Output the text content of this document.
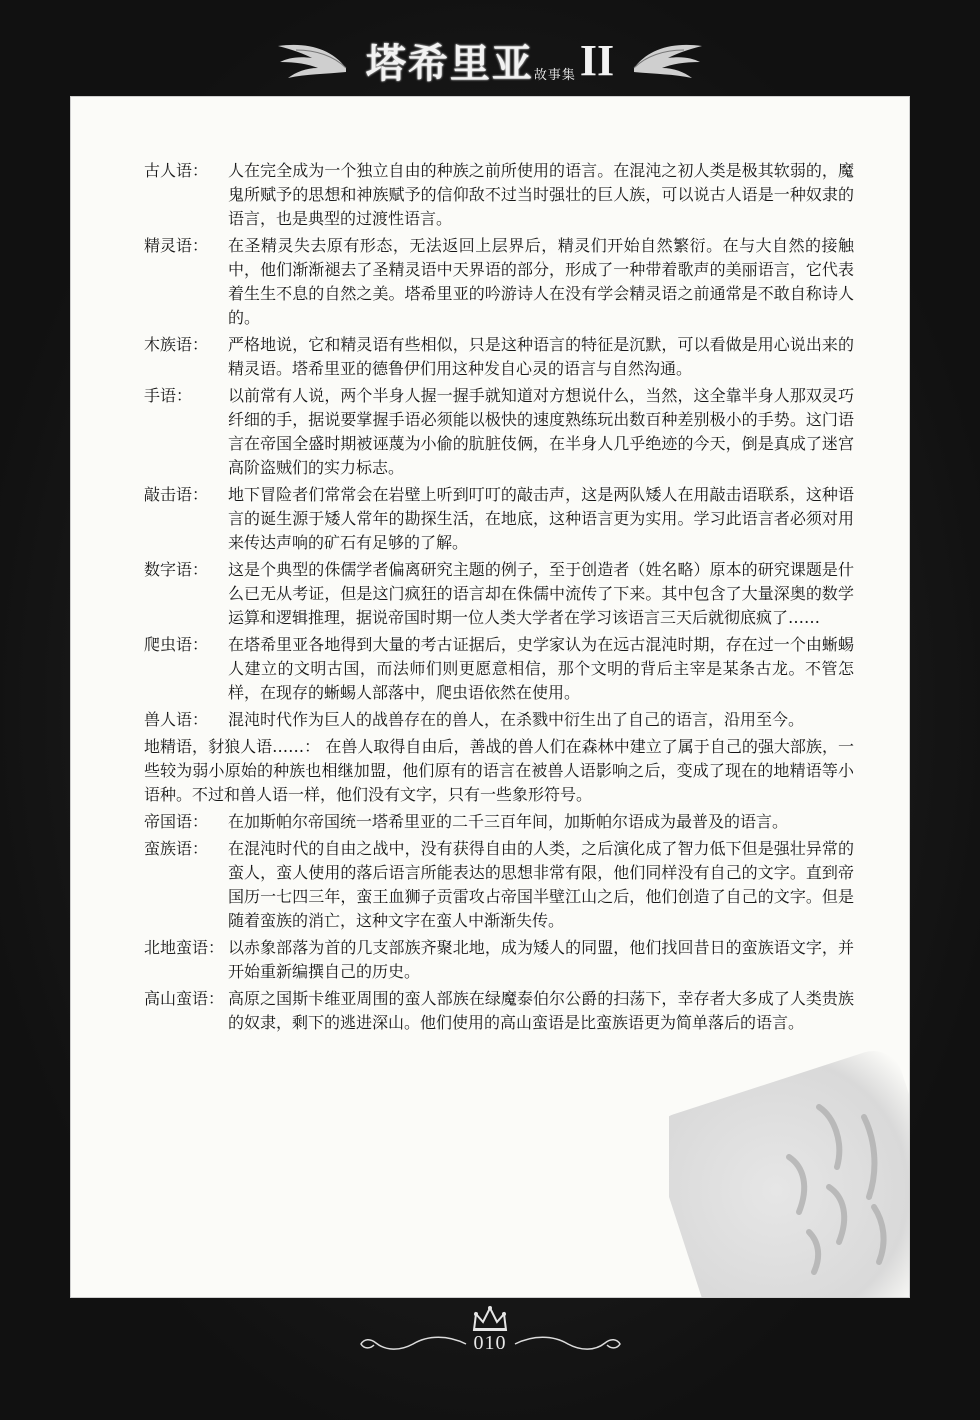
塔希里亚 故事集 II
古人语：	人在完全成为一个独立自由的种族之前所使用的语言。在混沌之初人类是极其软弱的，魔鬼所赋予的思想和神族赋予的信仰敌不过当时强壮的巨人族，可以说古人语是一种奴隶的语言，也是典型的过渡性语言。
精灵语：	在圣精灵失去原有形态，无法返回上层界后，精灵们开始自然繁衍。在与大自然的接触中，他们渐渐褪去了圣精灵语中天界语的部分，形成了一种带着歌声的美丽语言，它代表着生生不息的自然之美。塔希里亚的吟游诗人在没有学会精灵语之前通常是不敢自称诗人的。
木族语：	严格地说，它和精灵语有些相似，只是这种语言的特征是沉默，可以看做是用心说出来的精灵语。塔希里亚的德鲁伊们用这种发自心灵的语言与自然沟通。
手语：	以前常有人说，两个半身人握一握手就知道对方想说什么，当然，这全靠半身人那双灵巧纤细的手，据说要掌握手语必须能以极快的速度熟练玩出数百种差别极小的手势。这门语言在帝国全盛时期被诬蔑为小偷的肮脏伎俩，在半身人几乎绝迹的今天，倒是真成了迷宫高阶盗贼们的实力标志。
敲击语：	地下冒险者们常常会在岩壁上听到叮叮的敲击声，这是两队矮人在用敲击语联系，这种语言的诞生源于矮人常年的勘探生活，在地底，这种语言更为实用。学习此语言者必须对用来传达声响的矿石有足够的了解。
数字语：	这是个典型的侏儒学者偏离研究主题的例子，至于创造者（姓名略）原本的研究课题是什么已无从考证，但是这门疯狂的语言却在侏儒中流传了下来。其中包含了大量深奥的数学运算和逻辑推理，据说帝国时期一位人类大学者在学习该语言三天后就彻底疯了……
爬虫语：	在塔希里亚各地得到大量的考古证据后，史学家认为在远古混沌时期，存在过一个由蜥蜴人建立的文明古国，而法师们则更愿意相信，那个文明的背后主宰是某条古龙。不管怎样，在现存的蜥蜴人部落中，爬虫语依然在使用。
兽人语：	混沌时代作为巨人的战兽存在的兽人，在杀戮中衍生出了自己的语言，沿用至今。
地精语，豺狼人语……： 在兽人取得自由后，善战的兽人们在森林中建立了属于自己的强大部族，一些较为弱小原始的种族也相继加盟，他们原有的语言在被兽人语影响之后，变成了现在的地精语等小语种。不过和兽人语一样，他们没有文字，只有一些象形符号。
帝国语：	在加斯帕尔帝国统一塔希里亚的二千三百年间，加斯帕尔语成为最普及的语言。
蛮族语：	在混沌时代的自由之战中，没有获得自由的人类，之后演化成了智力低下但是强壮异常的蛮人，蛮人使用的落后语言所能表达的思想非常有限，他们同样没有自己的文字。直到帝国历一七四三年，蛮王血狮子贡雷攻占帝国半壁江山之后，他们创造了自己的文字。但是随着蛮族的消亡，这种文字在蛮人中渐渐失传。
北地蛮语： 以赤象部落为首的几支部族齐聚北地，成为矮人的同盟，他们找回昔日的蛮族语文字，并开始重新编撰自己的历史。
高山蛮语： 高原之国斯卡维亚周围的蛮人部族在绿魔泰伯尔公爵的扫荡下，幸存者大多成了人类贵族的奴隶，剩下的逃进深山。他们使用的高山蛮语是比蛮族语更为简单落后的语言。
010
